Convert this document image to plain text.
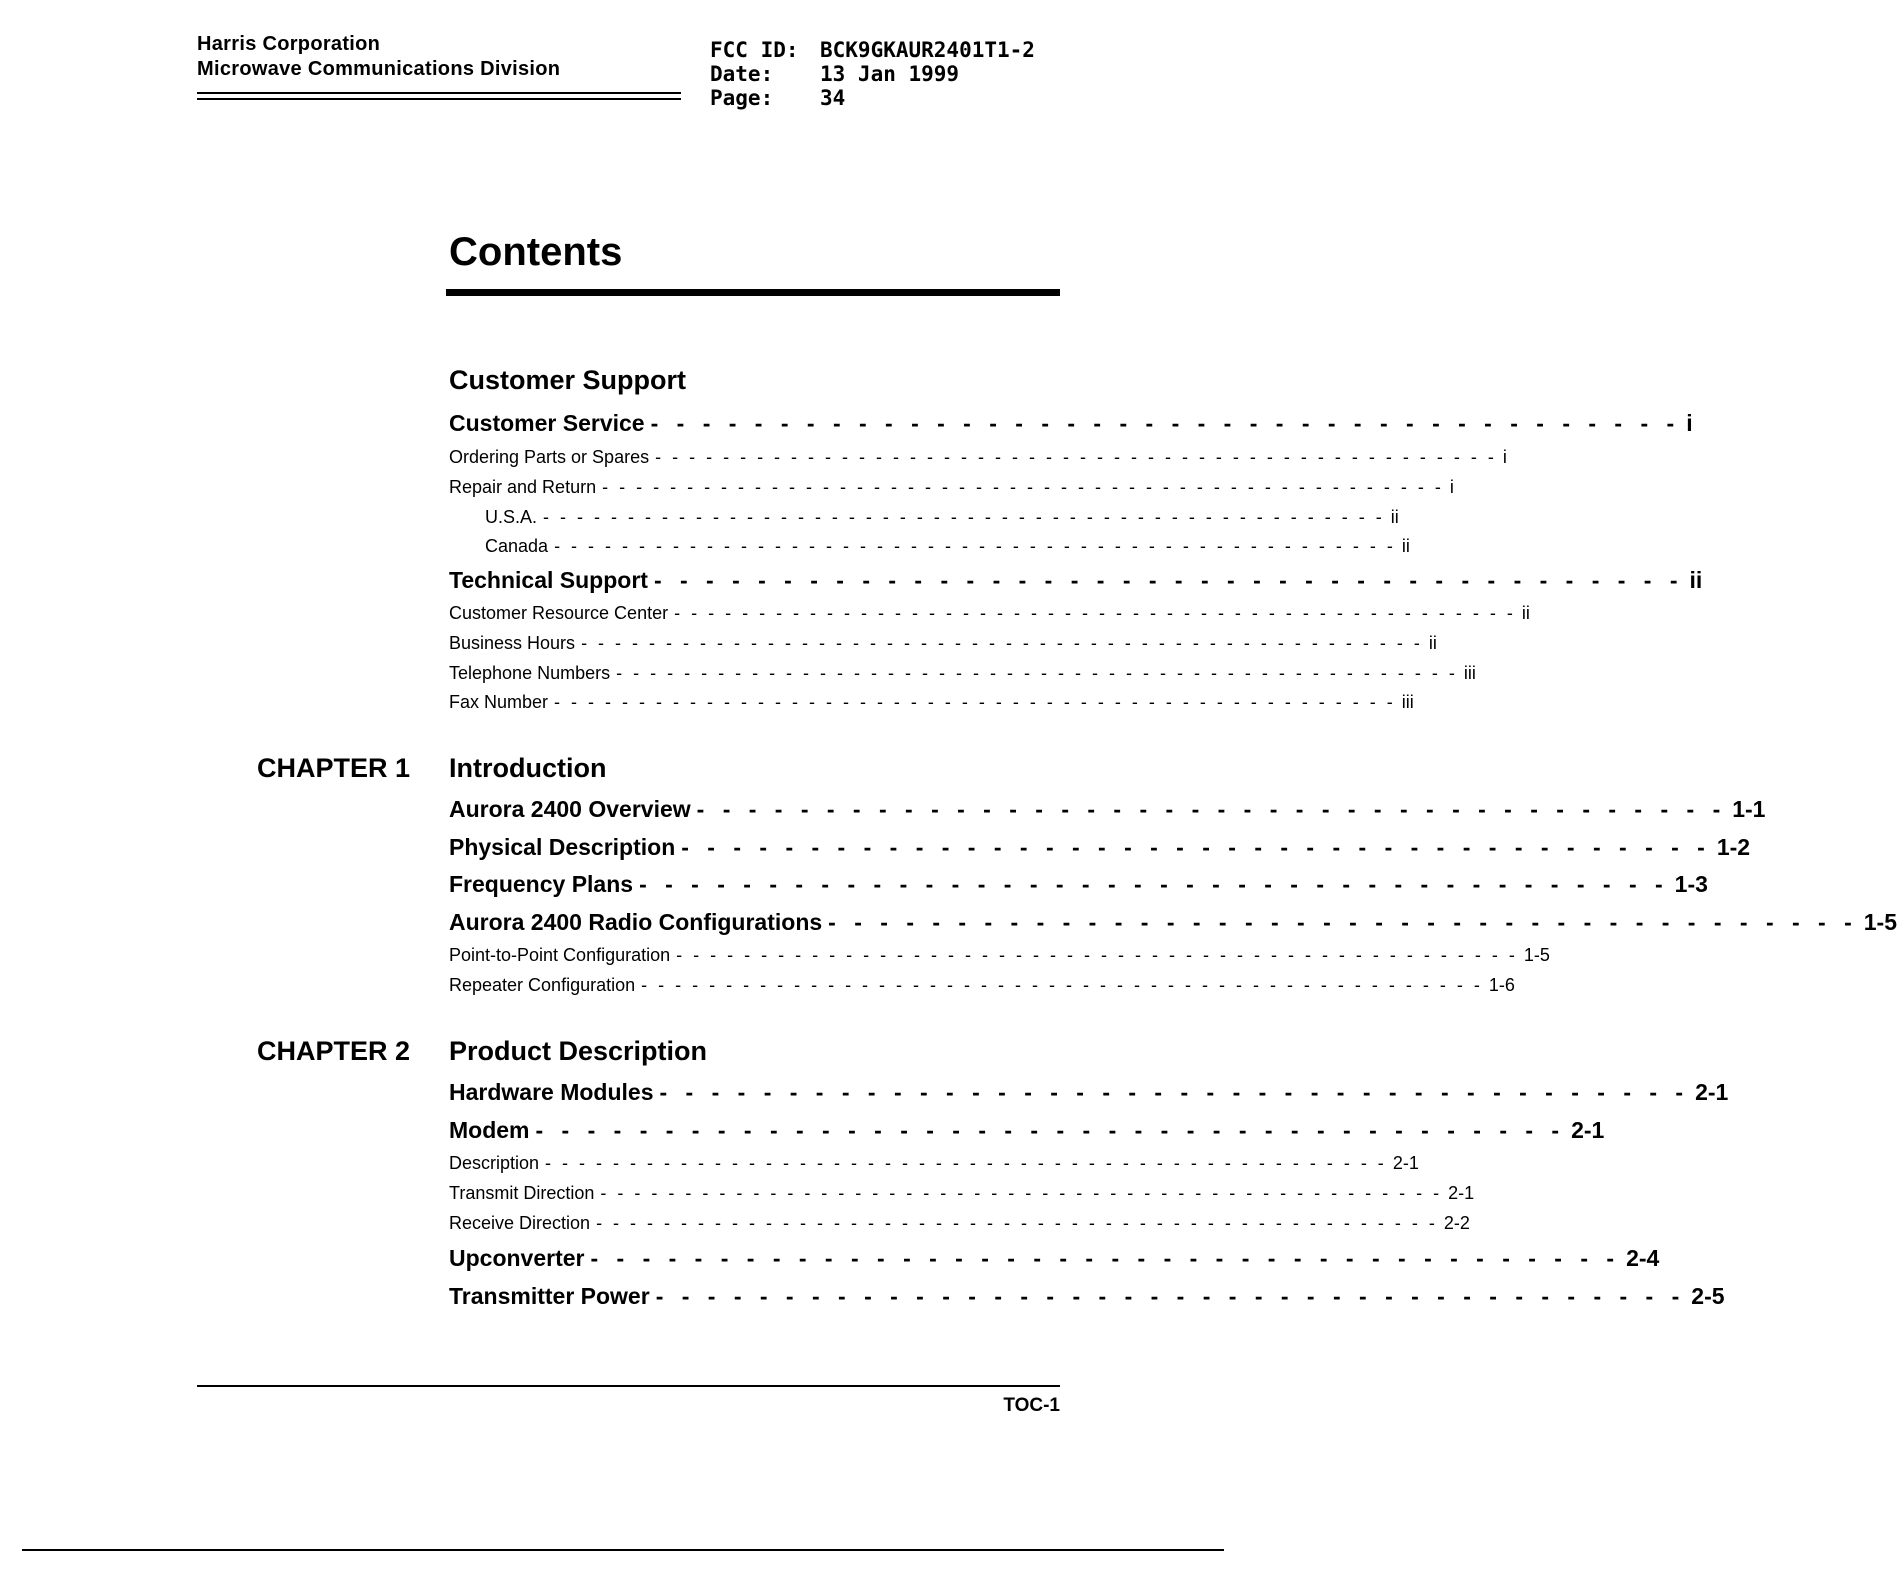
Harris Corporation
Microwave Communications Division
FCC ID:	BCK9GKAUR2401T1-2
Date:	13 Jan 1999
Page:	34
Contents
Customer Support
Customer Service - - - - - - - - - - - - - - - - - - - - - - - - - - - - - - - - - - - - - - - - i
Ordering Parts or Spares - - - - - - - - - - - - - - - - - - - - - - - - - - - - - - - - - - - - - - - - - - - - - - - - - - i
Repair and Return - - - - - - - - - - - - - - - - - - - - - - - - - - - - - - - - - - - - - - - - - - - - - - - - - - i
U.S.A. - - - - - - - - - - - - - - - - - - - - - - - - - - - - - - - - - - - - - - - - - - - - - - - - - - ii
Canada - - - - - - - - - - - - - - - - - - - - - - - - - - - - - - - - - - - - - - - - - - - - - - - - - - ii
Technical Support - - - - - - - - - - - - - - - - - - - - - - - - - - - - - - - - - - - - - - - - ii
Customer Resource Center - - - - - - - - - - - - - - - - - - - - - - - - - - - - - - - - - - - - - - - - - - - - - - - - - - ii
Business Hours - - - - - - - - - - - - - - - - - - - - - - - - - - - - - - - - - - - - - - - - - - - - - - - - - - ii
Telephone Numbers - - - - - - - - - - - - - - - - - - - - - - - - - - - - - - - - - - - - - - - - - - - - - - - - - - iii
Fax Number - - - - - - - - - - - - - - - - - - - - - - - - - - - - - - - - - - - - - - - - - - - - - - - - - - iii
CHAPTER 1 Introduction
Aurora 2400 Overview - - - - - - - - - - - - - - - - - - - - - - - - - - - - - - - - - - - - - - - - 1-1
Physical Description - - - - - - - - - - - - - - - - - - - - - - - - - - - - - - - - - - - - - - - - 1-2
Frequency Plans - - - - - - - - - - - - - - - - - - - - - - - - - - - - - - - - - - - - - - - - 1-3
Aurora 2400 Radio Configurations - - - - - - - - - - - - - - - - - - - - - - - - - - - - - - - - - - - - - - - - 1-5
Point-to-Point Configuration - - - - - - - - - - - - - - - - - - - - - - - - - - - - - - - - - - - - - - - - - - - - - - - - - - 1-5
Repeater Configuration - - - - - - - - - - - - - - - - - - - - - - - - - - - - - - - - - - - - - - - - - - - - - - - - - - 1-6
CHAPTER 2 Product Description
Hardware Modules - - - - - - - - - - - - - - - - - - - - - - - - - - - - - - - - - - - - - - - - 2-1
Modem - - - - - - - - - - - - - - - - - - - - - - - - - - - - - - - - - - - - - - - - 2-1
Description - - - - - - - - - - - - - - - - - - - - - - - - - - - - - - - - - - - - - - - - - - - - - - - - - - 2-1
Transmit Direction - - - - - - - - - - - - - - - - - - - - - - - - - - - - - - - - - - - - - - - - - - - - - - - - - - 2-1
Receive Direction - - - - - - - - - - - - - - - - - - - - - - - - - - - - - - - - - - - - - - - - - - - - - - - - - - 2-2
Upconverter - - - - - - - - - - - - - - - - - - - - - - - - - - - - - - - - - - - - - - - - 2-4
Transmitter Power - - - - - - - - - - - - - - - - - - - - - - - - - - - - - - - - - - - - - - - - 2-5
TOC-1
